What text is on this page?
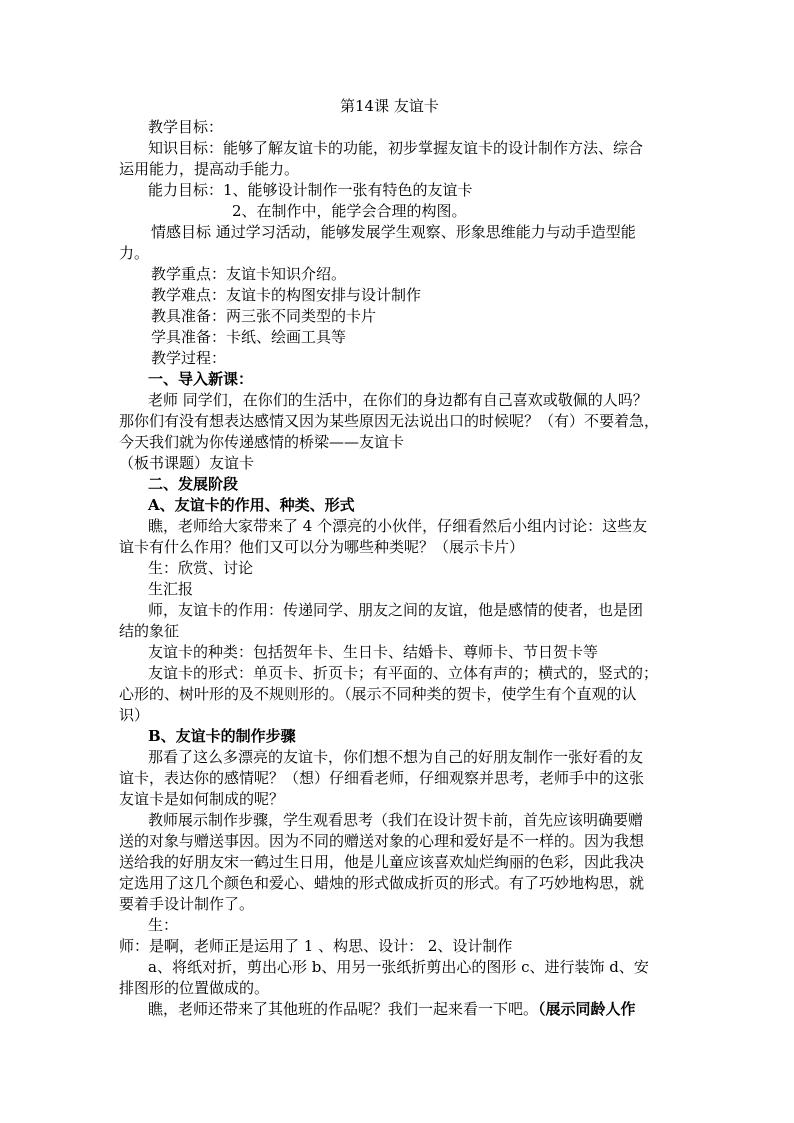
第14课 友谊卡
教学目标：
知识目标：能够了解友谊卡的功能，初步掌握友谊卡的设计制作方法、综合
运用能力，提高动手能力。
能力目标：1、能够设计制作一张有特色的友谊卡
2、在制作中，能学会合理的构图。
情感目标 通过学习活动，能够发展学生观察、形象思维能力与动手造型能
力。
教学重点：友谊卡知识介绍。
教学难点：友谊卡的构图安排与设计制作
教具准备：两三张不同类型的卡片
学具准备：卡纸、绘画工具等
教学过程：
一、导入新课：
老师 同学们，在你们的生活中，在你们的身边都有自己喜欢或敬佩的人吗？
那你们有没有想表达感情又因为某些原因无法说出口的时候呢？（有）不要着急，
今天我们就为你传递感情的桥梁——友谊卡
（板书课题）友谊卡
二、发展阶段
A、友谊卡的作用、种类、形式
瞧，老师给大家带来了 4 个漂亮的小伙伴，仔细看然后小组内讨论：这些友
谊卡有什么作用？他们又可以分为哪些种类呢？（展示卡片）
生：欣赏、讨论
生汇报
师，友谊卡的作用：传递同学、朋友之间的友谊，他是感情的使者，也是团
结的象征
友谊卡的种类：包括贺年卡、生日卡、结婚卡、尊师卡、节日贺卡等
友谊卡的形式：单页卡、折页卡；有平面的、立体有声的；横式的，竖式的；
心形的、树叶形的及不规则形的。（展示不同种类的贺卡，使学生有个直观的认
识）
B、友谊卡的制作步骤
那看了这么多漂亮的友谊卡，你们想不想为自己的好朋友制作一张好看的友
谊卡，表达你的感情呢？（想）仔细看老师，仔细观察并思考，老师手中的这张
友谊卡是如何制成的呢？
教师展示制作步骤，学生观看思考（我们在设计贺卡前，首先应该明确要赠
送的对象与赠送事因。因为不同的赠送对象的心理和爱好是不一样的。因为我想
送给我的好朋友宋一鹤过生日用，他是儿童应该喜欢灿烂绚丽的色彩，因此我决
定选用了这几个颜色和爱心、蜡烛的形式做成折页的形式。有了巧妙地构思，就
要着手设计制作了。
生：
师：是啊，老师正是运用了 1 、构思、设计： 2、设计制作
a、将纸对折，剪出心形 b、用另一张纸折剪出心的图形 c、进行装饰 d、安
排图形的位置做成的。
瞧，老师还带来了其他班的作品呢？我们一起来看一下吧。（展示同龄人作
